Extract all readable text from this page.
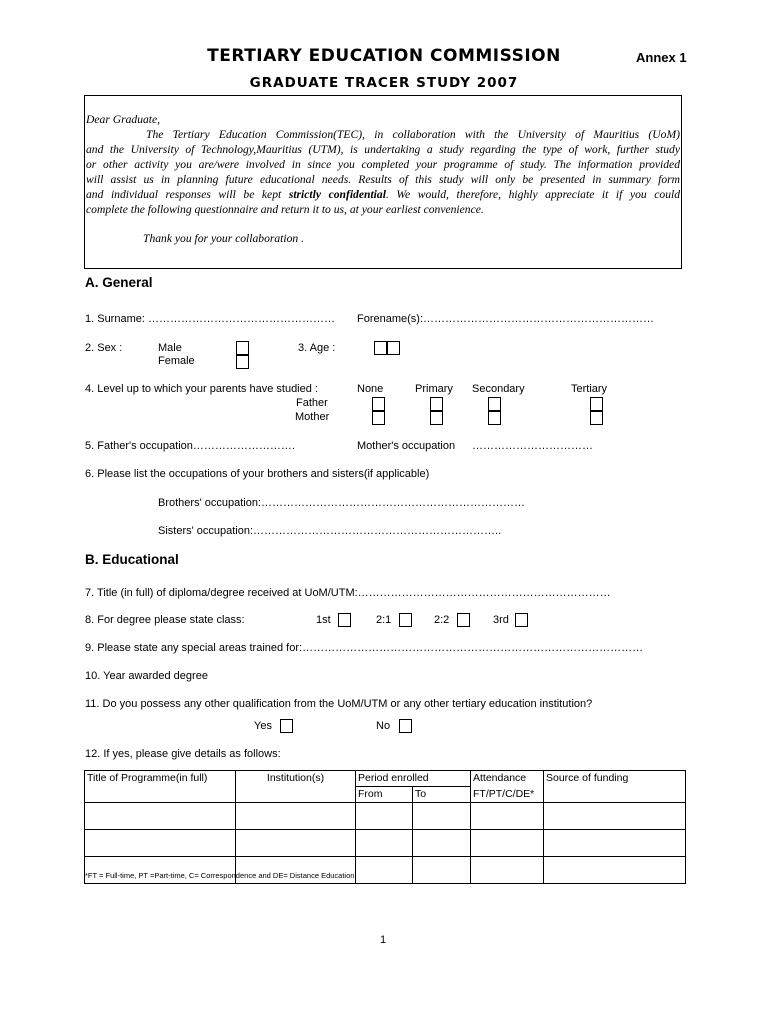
TERTIARY EDUCATION COMMISSION	Annex 1
GRADUATE TRACER STUDY 2007
Dear Graduate,
The Tertiary Education Commission(TEC), in collaboration with the University of Mauritius (UoM)
and the University of Technology,Mauritius (UTM), is undertaking a study regarding the type of work, further study
or other activity you are/were involved in since you completed your programme of study. The information provided
will assist us in planning future educational needs. Results of this study will only be presented in summary form
and individual responses will be kept strictly confidential. We would, therefore, highly appreciate it if you could
complete the following questionnaire and return it to us, at your earliest convenience.
Thank you for your collaboration .
A. General
1. Surname: …………………………………………… Forename(s):………………………………………………………
2. Sex :	Male
Female
3. Age :
4. Level up to which your parents have studied :	None	Primary Secondary	Tertiary
Father
Mother
5. Father's occupation……………………….	Mother's occupation ……………………………
6. Please list the occupations of your brothers and sisters(if applicable)
Brothers' occupation:………………………………………………………………
Sisters' occupation:…………………………………………………………..
B. Educational
7. Title (in full) of diploma/degree received at UoM/UTM:……………………………………………………………
8. For degree please state class:	1st	2:1	2:2	3rd
9. Please state any special areas trained for:…………………………………………………………………………………
10. Year awarded degree
11. Do you possess any other qualification from the UoM/UTM or any other tertiary education institution?
Yes	No
12. If yes, please give details as follows:
Title of Programme(in full)	Institution(s)	Period enrolled		Attendance	Source of funding
		From	To	FT/PT/C/DE*	

*FT = Full-time, PT =Part-time, C= Correspondence and DE= Distance Education
1
